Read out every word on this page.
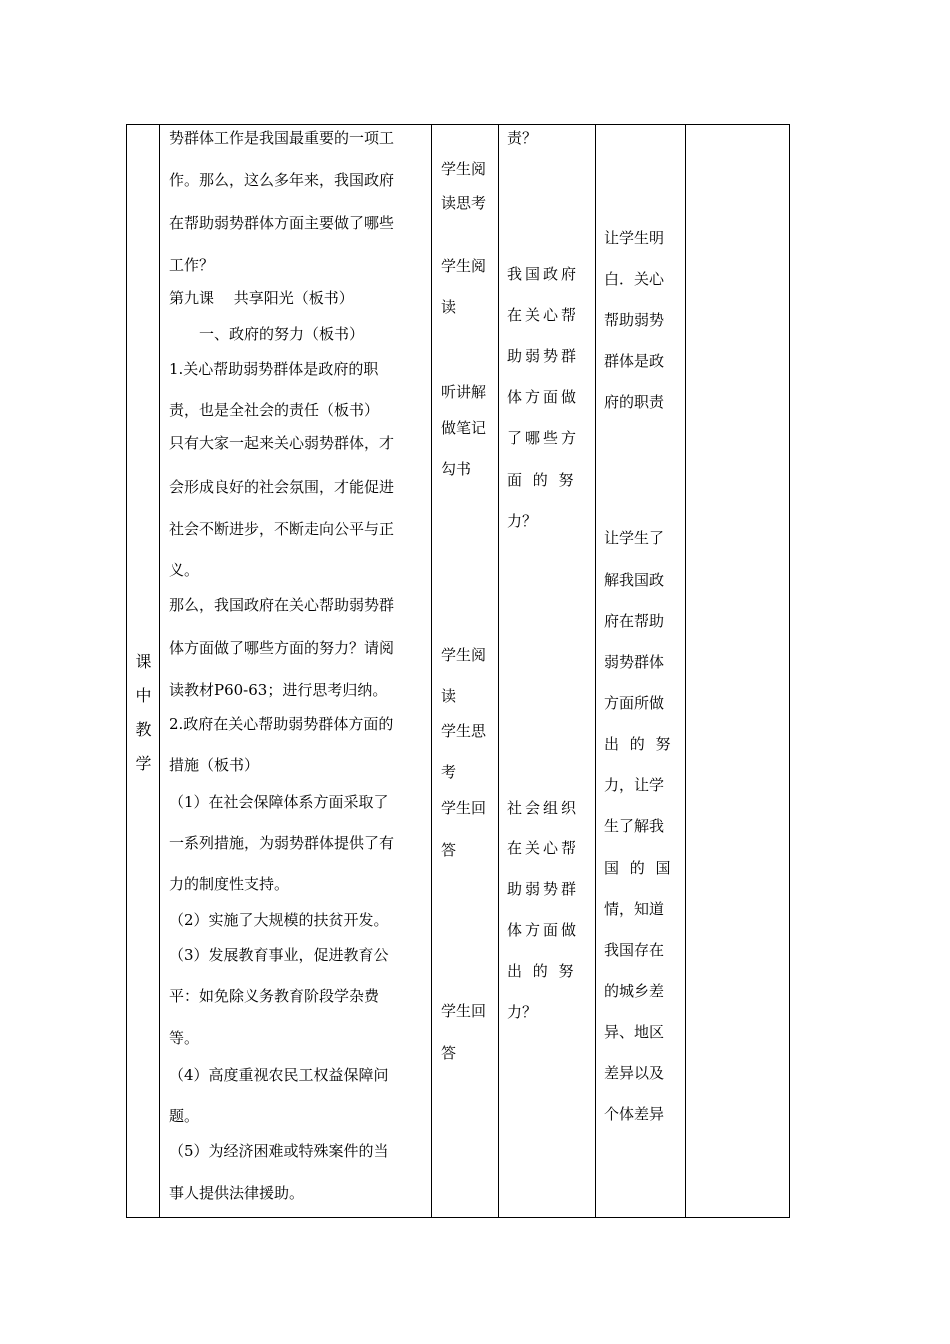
课
中
教
学
势群体工作是我国最重要的一项工
作。那么，这么多年来，我国政府
在帮助弱势群体方面主要做了哪些
工作？
第九课　 共享阳光（板书）
一、政府的努力（板书）
1.关心帮助弱势群体是政府的职
责，也是全社会的责任（板书）
只有大家一起来关心弱势群体，才
会形成良好的社会氛围，才能促进
社会不断进步，不断走向公平与正
义。
那么，我国政府在关心帮助弱势群
体方面做了哪些方面的努力？请阅
读教材P60-63；进行思考归纳。
2.政府在关心帮助弱势群体方面的
措施（板书）
（1）在社会保障体系方面采取了
一系列措施，为弱势群体提供了有
力的制度性支持。
（2）实施了大规模的扶贫开发。
（3）发展教育事业，促进教育公
平：如免除义务教育阶段学杂费
等。
（4）高度重视农民工权益保障问
题。
（5）为经济困难或特殊案件的当
事人提供法律援助。
学生阅
读思考
学生阅
读
听讲解
做笔记
勾书
学生阅
读
学生思
考
学生回
答
学生回
答
责？
我国政府
在关心帮
助弱势群
体方面做
了哪些方
面 的 努
力？
社会组织
在关心帮
助弱势群
体方面做
出 的 努
力？
让学生明
白．关心
帮助弱势
群体是政
府的职责
让学生了
解我国政
府在帮助
弱势群体
方面所做
出 的 努
力，让学
生了解我
国 的 国
情，知道
我国存在
的城乡差
异、地区
差异以及
个体差异
